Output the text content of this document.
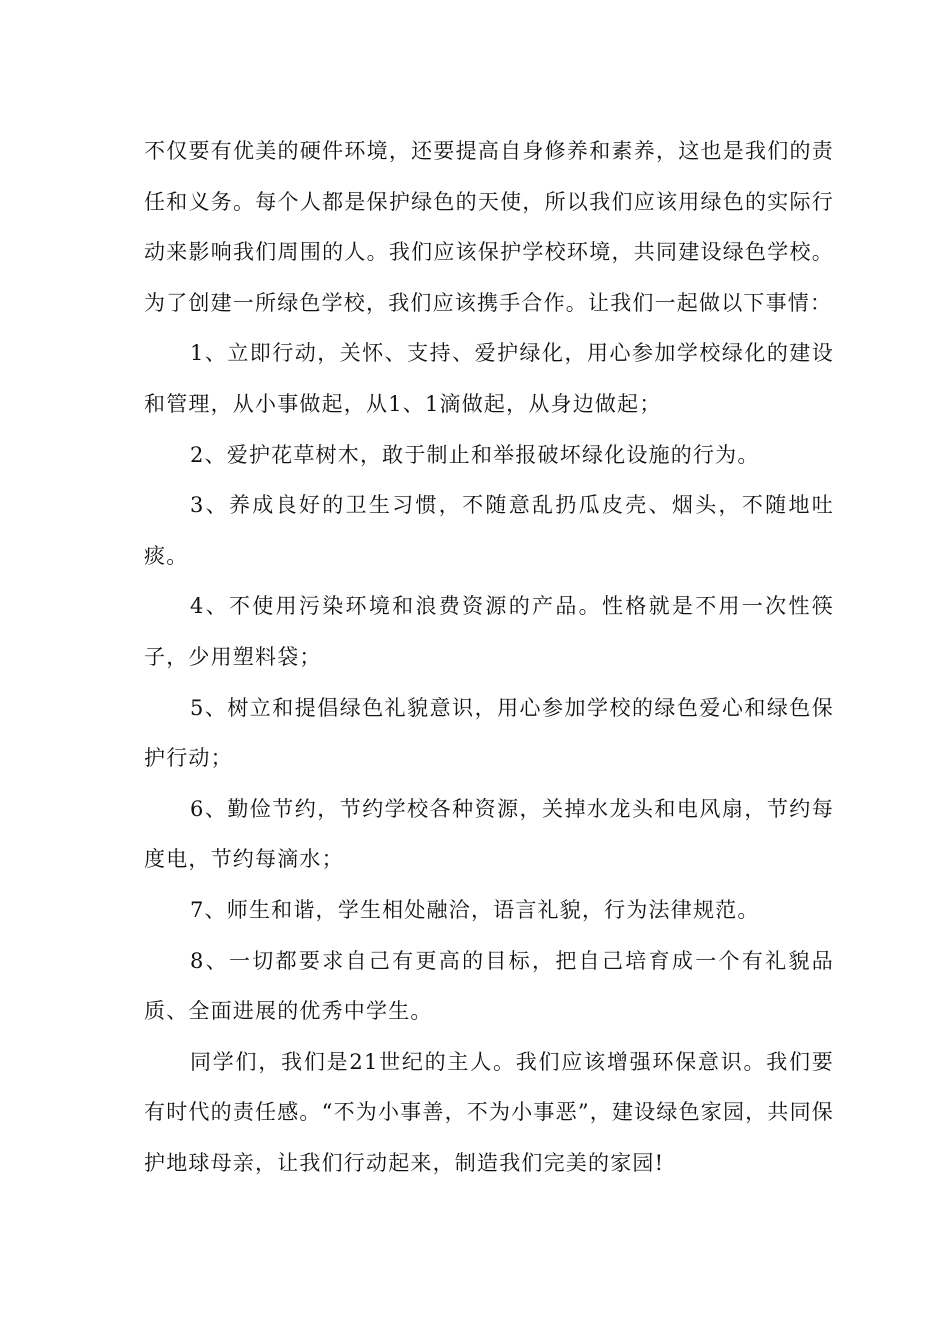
不仅要有优美的硬件环境，还要提高自身修养和素养，这也是我们的责任和义务。每个人都是保护绿色的天使，所以我们应该用绿色的实际行动来影响我们周围的人。我们应该保护学校环境，共同建设绿色学校。为了创建一所绿色学校，我们应该携手合作。让我们一起做以下事情：

1、立即行动，关怀、支持、爱护绿化，用心参加学校绿化的建设和管理，从小事做起，从1、1滴做起，从身边做起；

2、爱护花草树木，敢于制止和举报破坏绿化设施的行为。

3、养成良好的卫生习惯，不随意乱扔瓜皮壳、烟头，不随地吐痰。

4、不使用污染环境和浪费资源的产品。性格就是不用一次性筷子，少用塑料袋；

5、树立和提倡绿色礼貌意识，用心参加学校的绿色爱心和绿色保护行动；

6、勤俭节约，节约学校各种资源，关掉水龙头和电风扇，节约每度电，节约每滴水；

7、师生和谐，学生相处融洽，语言礼貌，行为法律规范。

8、一切都要求自己有更高的目标，把自己培育成一个有礼貌品质、全面进展的优秀中学生。

同学们，我们是21世纪的主人。我们应该增强环保意识。我们要有时代的责任感。“不为小事善，不为小事恶”，建设绿色家园，共同保护地球母亲，让我们行动起来，制造我们完美的家园!
